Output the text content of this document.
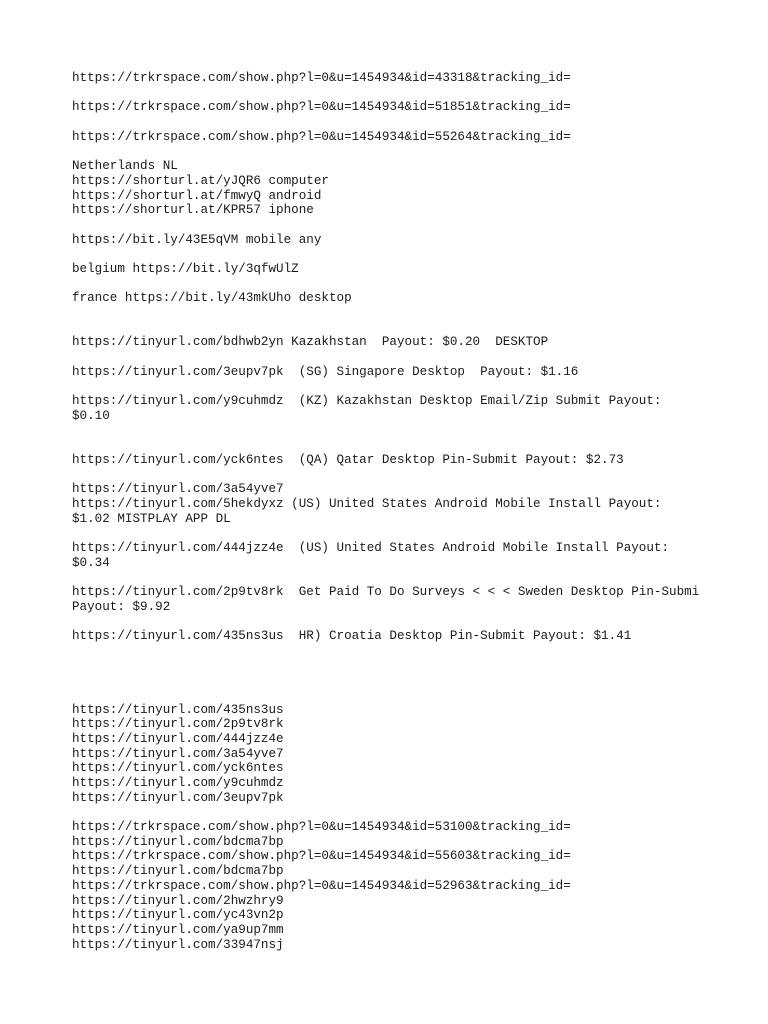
https://trkrspace.com/show.php?l=0&u=1454934&id=43318&tracking_id=
https://trkrspace.com/show.php?l=0&u=1454934&id=51851&tracking_id=
https://trkrspace.com/show.php?l=0&u=1454934&id=55264&tracking_id=
Netherlands NL
https://shorturl.at/yJQR6 computer
https://shorturl.at/fmwyQ android
https://shorturl.at/KPR57 iphone
https://bit.ly/43E5qVM mobile any
belgium https://bit.ly/3qfwUlZ
france https://bit.ly/43mkUho desktop
https://tinyurl.com/bdhwb2yn Kazakhstan  Payout: $0.20  DESKTOP
https://tinyurl.com/3eupv7pk  (SG) Singapore Desktop  Payout: $1.16
https://tinyurl.com/y9cuhmdz  (KZ) Kazakhstan Desktop Email/Zip Submit Payout:
$0.10
https://tinyurl.com/yck6ntes  (QA) Qatar Desktop Pin-Submit Payout: $2.73
https://tinyurl.com/3a54yve7
https://tinyurl.com/5hekdyxz (US) United States Android Mobile Install Payout:
$1.02 MISTPLAY APP DL
https://tinyurl.com/444jzz4e  (US) United States Android Mobile Install Payout:
$0.34
https://tinyurl.com/2p9tv8rk  Get Paid To Do Surveys < < < Sweden Desktop Pin-Submi
Payout: $9.92
https://tinyurl.com/435ns3us  HR) Croatia Desktop Pin-Submit Payout: $1.41
https://tinyurl.com/435ns3us
https://tinyurl.com/2p9tv8rk
https://tinyurl.com/444jzz4e
https://tinyurl.com/3a54yve7
https://tinyurl.com/yck6ntes
https://tinyurl.com/y9cuhmdz
https://tinyurl.com/3eupv7pk
https://trkrspace.com/show.php?l=0&u=1454934&id=53100&tracking_id=
https://tinyurl.com/bdcma7bp
https://trkrspace.com/show.php?l=0&u=1454934&id=55603&tracking_id=
https://tinyurl.com/bdcma7bp
https://trkrspace.com/show.php?l=0&u=1454934&id=52963&tracking_id=
https://tinyurl.com/2hwzhry9
https://tinyurl.com/yc43vn2p
https://tinyurl.com/ya9up7mm
https://tinyurl.com/33947nsj
